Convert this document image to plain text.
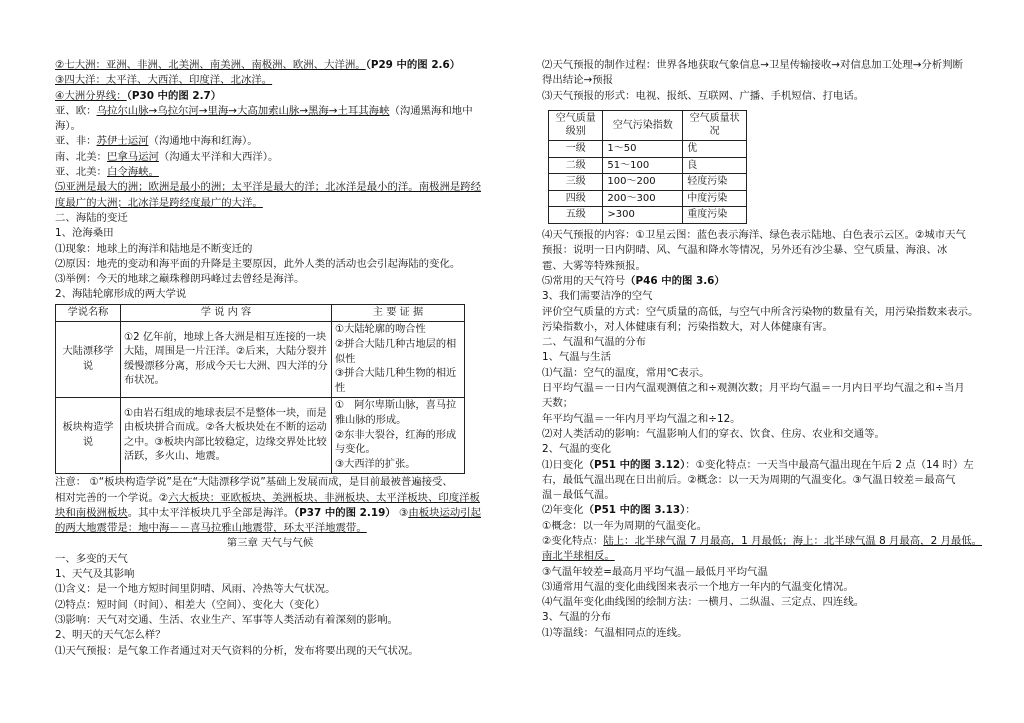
②七大洲：亚洲、非洲、北美洲、南美洲、南极洲、欧洲、大洋洲。（P29 中的图 2.6）
③四大洋：太平洋、大西洋、印度洋、北冰洋。
④大洲分界线：（P30 中的图 2.7）
亚、欧：乌拉尔山脉→乌拉尔河→里海→大高加索山脉→黑海→土耳其海峡（沟通黑海和地中
海）。
亚、非：苏伊士运河（沟通地中海和红海）。
南、北美：巴拿马运河（沟通太平洋和大西洋）。
亚、北美：白令海峡。
⑸亚洲是最大的洲；欧洲是最小的洲；太平洋是最大的洋；北冰洋是最小的洋。南极洲是跨经
度最广的大洲；北冰洋是跨经度最广的大洋。
二、海陆的变迁
1、沧海桑田
⑴现象：地球上的海洋和陆地是不断变迁的
⑵原因：地壳的变动和海平面的升降是主要原因，此外人类的活动也会引起海陆的变化。
⑶举例：今天的地球之巅珠穆朗玛峰过去曾经是海洋。
2、海陆轮廓形成的两大学说
学说名称	学 说 内 容	主 要 证 据
大陆漂移学说	①2 亿年前，地球上各大洲是相互连接的一块大陆，周围是一片汪洋。②后来，大陆分裂并缓慢漂移分离，形成今天七大洲、四大洋的分布状况。	①大陆轮廓的吻合性
②拼合大陆几种古地层的相似性
③拼合大陆几种生物的相近性

板块构造学说	①由岩石组成的地球表层不是整体一块，而是由板块拼合而成。②各大板块处在不断的运动之中。③板块内部比较稳定，边缘交界处比较活跃，多火山、地震。	①　阿尔卑斯山脉，喜马拉雅山脉的形成。
②东非大裂谷，红海的形成与变化。
③大西洋的扩张。
注意： ①“板块构造学说”是在“大陆漂移学说”基础上发展而成，是目前最被普遍接受、
相对完善的一个学说。②六大板块：亚欧板块、美洲板块、非洲板块、太平洋板块、印度洋板
块和南极洲板块。其中太平洋板块几乎全部是海洋。（P37 中的图 2.19） ③由板块运动引起
的两大地震带是：地中海－－喜马拉雅山地震带，环太平洋地震带。
第三章 天气与气候
一、多变的天气
1、天气及其影响
⑴含义：是一个地方短时间里阴晴、风雨、冷热等大气状况。
⑵特点：短时间（时间）、相差大（空间）、变化大（变化）
⑶影响：天气对交通、生活、农业生产、军事等人类活动有着深刻的影响。
2、明天的天气怎么样？
⑴天气预报：是气象工作者通过对天气资料的分析，发布将要出现的天气状况。
⑵天气预报的制作过程：世界各地获取气象信息→卫星传输接收→对信息加工处理→分析判断
得出结论→预报
⑶天气预报的形式：电视、报纸、互联网、广播、手机短信、打电话。
空气质量级别	空气污染指数	空气质量状况
一级	1～50	优
二级	51～100	良
三级	100～200	轻度污染
四级	200～300	中度污染
五级	>300	重度污染
⑷天气预报的内容：①卫星云图：蓝色表示海洋、绿色表示陆地、白色表示云区。②城市天气
预报：说明一日内阴晴、风、气温和降水等情况，另外还有沙尘暴、空气质量、海浪、冰
雹、大雾等特殊预报。
⑸常用的天气符号（P46 中的图 3.6）
3、我们需要洁净的空气
评价空气质量的方式：空气质量的高低，与空气中所含污染物的数量有关，用污染指数来表示。
污染指数小，对人体健康有利；污染指数大，对人体健康有害。
二、气温和气温的分布
1、气温与生活
⑴气温：空气的温度，常用℃表示。
日平均气温＝一日内气温观测值之和÷观测次数；月平均气温＝一月内日平均气温之和÷当月
天数；
年平均气温＝一年内月平均气温之和÷12。
⑵对人类活动的影响：气温影响人们的穿衣、饮食、住房、农业和交通等。
2、气温的变化
⑴日变化（P51 中的图 3.12）：①变化特点：一天当中最高气温出现在午后 2 点（14 时）左
右，最低气温出现在日出前后。②概念：以一天为周期的气温变化。③气温日较差＝最高气
温－最低气温。
⑵年变化（P51 中的图 3.13）：
①概念：以一年为周期的气温变化。
②变化特点：陆上：北半球气温 7 月最高，1 月最低；海上：北半球气温 8 月最高，2 月最低。
南北半球相反。
③气温年较差=最高月平均气温－最低月平均气温
⑶通常用气温的变化曲线图来表示一个地方一年内的气温变化情况。
⑷气温年变化曲线图的绘制方法：一横月、二纵温、三定点、四连线。
3、气温的分布
⑴等温线：气温相同点的连线。
